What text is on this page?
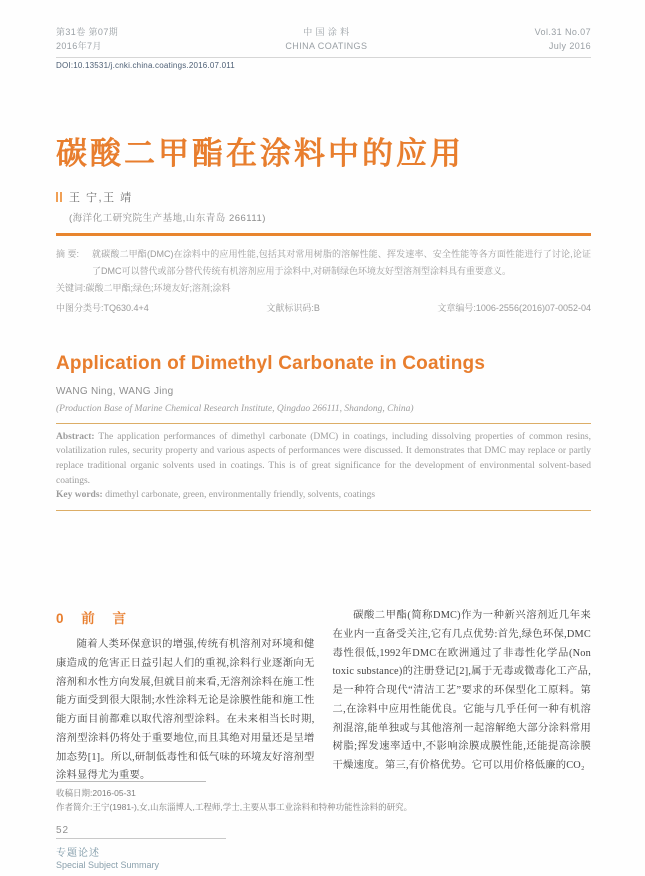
第31卷 第07期
2016年7月
中 国 涂 料
CHINA COATINGS
Vol.31 No.07
July 2016
DOI:10.13531/j.cnki.china.coatings.2016.07.011
碳酸二甲酯在涂料中的应用
王 宁,王 靖
(海洋化工研究院生产基地,山东青岛 266111)
摘 要:	就碳酸二甲酯(DMC)在涂料中的应用性能,包括其对常用树脂的溶解性能、挥发速率、安全性能等各方面性能进行了讨论,论证了DMC可以替代或部分替代传统有机溶剂应用于涂料中,对研制绿色环境友好型溶剂型涂料具有重要意义。
关键词:碳酸二甲酯;绿色;环境友好;溶剂;涂料
中图分类号:TQ630.4+4	文献标识码:B	文章编号:1006-2556(2016)07-0052-04
Application of Dimethyl Carbonate in Coatings
WANG Ning, WANG Jing
(Production Base of Marine Chemical Research Institute, Qingdao 266111, Shandong, China)

Abstract: The application performances of dimethyl carbonate (DMC) in coatings, including dissolving properties of common resins, volatilization rules, security property and various aspects of performances were discussed. It demonstrates that DMC may replace or partly replace traditional organic solvents used in coatings. This is of great significance for the development of environmental solvent-based coatings.

Key words: dimethyl carbonate, green, environmentally friendly, solvents, coatings

0 前 言

随着人类环保意识的增强,传统有机溶剂对环境和健康造成的危害正日益引起人们的重视,涂料行业逐渐向无溶剂和水性方向发展,但就目前来看,无溶剂涂料在施工性能方面受到很大限制;水性涂料无论是涂膜性能和施工性能方面目前都难以取代溶剂型涂料。在未来相当长时期,溶剂型涂料仍将处于重要地位,而且其绝对用量还是呈增加态势[1]。所以,研制低毒性和低气味的环境友好溶剂型涂料显得尤为重要。

碳酸二甲酯(简称DMC)作为一种新兴溶剂近几年来在业内一直备受关注,它有几点优势:首先,绿色环保,DMC毒性很低,1992年DMC在欧洲通过了非毒性化学品(Non toxic substance)的注册登记[2],属于无毒或微毒化工产品,是一种符合现代“清洁工艺”要求的环保型化工原料。第二,在涂料中应用性能优良。它能与几乎任何一种有机溶剂混溶,能单独或与其他溶剂一起溶解绝大部分涂料常用树脂;挥发速率适中,不影响涂膜成膜性能,还能提高涂膜干燥速度。第三,有价格优势。它可以用价格低廉的CO₂

收稿日期:2016-05-31
作者简介:王宁(1981-),女,山东淄博人,工程师,学士,主要从事工业涂料和特种功能性涂料的研究。
52
专题论述
Special Subject Summary
